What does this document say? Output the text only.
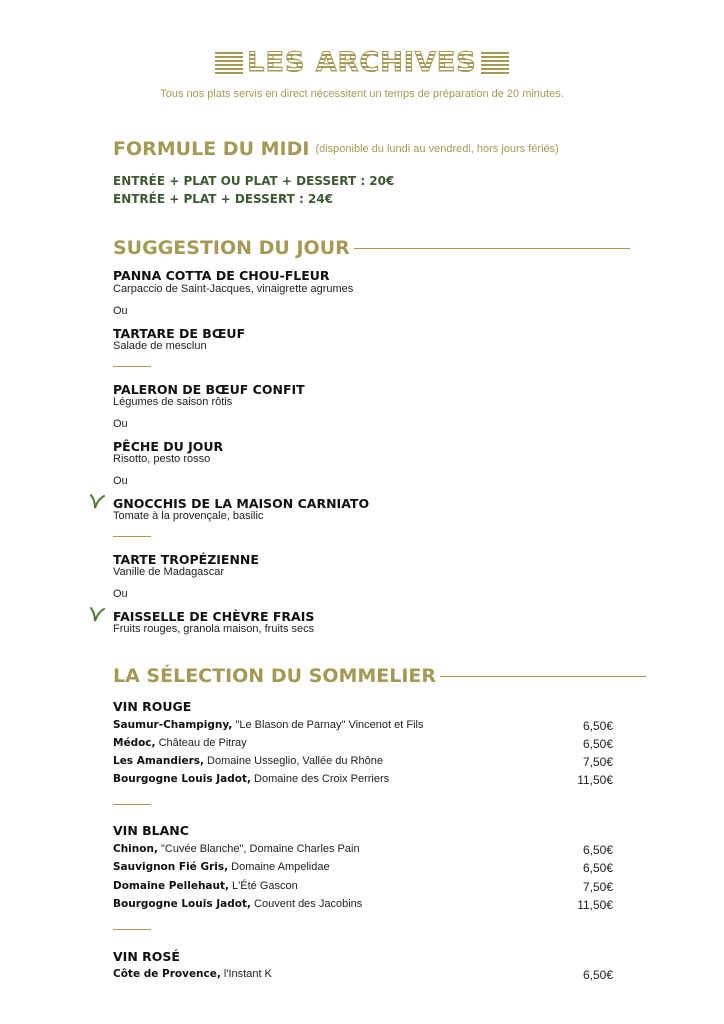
LES ARCHIVES
Tous nos plats servis en direct nécessitent un temps de préparation de 20 minutes.
FORMULE DU MIDI (disponible du lundi au vendredi, hors jours fériés)
ENTRÉE + PLAT OU PLAT + DESSERT : 20€
ENTRÉE + PLAT + DESSERT : 24€
SUGGESTION DU JOUR
PANNA COTTA DE CHOU-FLEUR
Carpaccio de Saint-Jacques, vinaigrette agrumes
Ou
TARTARE DE BŒUF
Salade de mesclun
PALERON DE BŒUF CONFIT
Légumes de saison rôtis
Ou
PÊCHE DU JOUR
Risotto, pesto rosso
Ou
GNOCCHIS DE LA MAISON CARNIATO
Tomate à la provençale, basilic
TARTE TROPÉZIENNE
Vanille de Madagascar
Ou
FAISSELLE DE CHÈVRE FRAIS
Fruits rouges, granola maison, fruits secs
LA SÉLECTION DU SOMMELIER
VIN ROUGE
Saumur-Champigny, "Le Blason de Parnay" Vincenot et Fils	6,50€
Médoc, Château de Pitray	6,50€
Les Amandiers, Domaine Usseglio, Vallée du Rhône	7,50€
Bourgogne Louis Jadot, Domaine des Croix Perriers	11,50€
VIN BLANC
Chinon, "Cuvée Blanche", Domaine Charles Pain	6,50€
Sauvignon Fié Gris, Domaine Ampelidae	6,50€
Domaine Pellehaut, L'Été Gascon	7,50€
Bourgogne Louis Jadot, Couvent des Jacobins	11,50€
VIN ROSÉ
Côte de Provence, l'Instant K	6,50€
